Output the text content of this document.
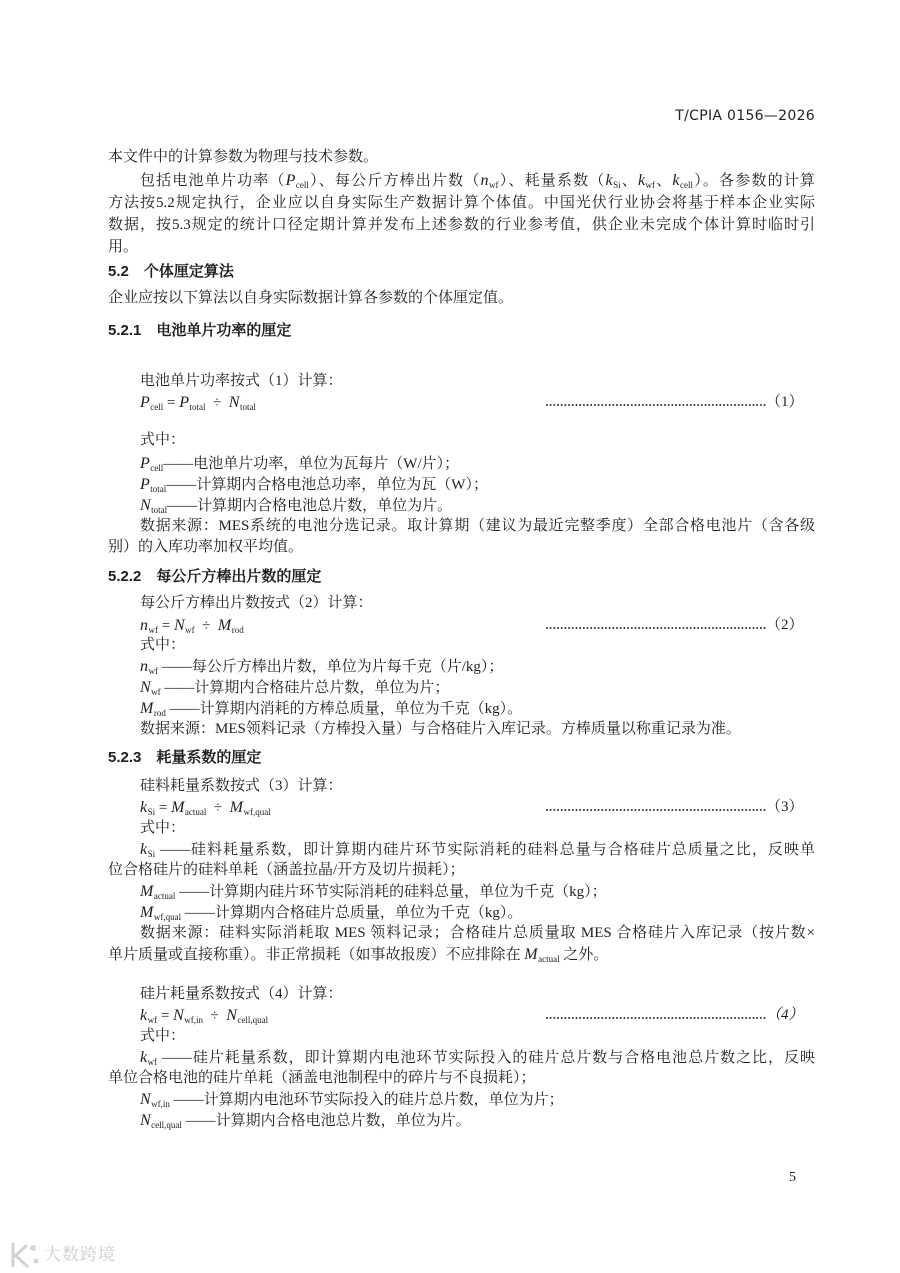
T/CPIA 0156—2026
本文件中的计算参数为物理与技术参数。
包括电池单片功率$(P_{cell})$、每公斤方棒出片数$(n_{wf})$、耗量系数（$k_{Si}$、$k_{wf}$、$k_{cell}$）。各参数的计算
方法按5.2规定执行，企业应以自身实际生产数据计算个体值。中国光伏行业协会将基于样本企业实际
数据，按5.3规定的统计口径定期计算并发布上述参数的行业参考值，供企业未完成个体计算时临时引
用。
5.2 个体厘定算法
企业应按以下算法以自身实际数据计算各参数的个体厘定值。
5.2.1 电池单片功率的厘定
电池单片功率按式（1）计算：
$P_{cell} = P_{total} \div N_{total}$	（1）
式中：
$P_{cell}——$电池单片功率，单位为瓦每片（W/片）；
$P_{total}——$计算期内合格电池总功率，单位为瓦（W）；
$N_{total}——$计算期内合格电池总片数，单位为片。
数据来源：MES系统的电池分选记录。取计算期（建议为最近完整季度）全部合格电池片（含各级
别）的入库功率加权平均值。
5.2.2 每公斤方棒出片数的厘定
每公斤方棒出片数按式（2）计算：
$n_{wf} = N_{wf} \div M_{rod}$	（2）
式中：
$n_{wf}$ ——每公斤方棒出片数，单位为片每千克（片/kg）；
$N_{wf}$ ——计算期内合格硅片总片数，单位为片；
$M_{rod}$ ——计算期内消耗的方棒总质量，单位为千克（kg）。
数据来源：MES领料记录（方棒投入量）与合格硅片入库记录。方棒质量以称重记录为准。
5.2.3 耗量系数的厘定
硅料耗量系数按式（3）计算：
$k_{Si} = M_{actual} \div M_{wf,qual}$	（3）
式中：
$k_{Si}$ ——硅料耗量系数，即计算期内硅片环节实际消耗的硅料总量与合格硅片总质量之比，反映单
位合格硅片的硅料单耗（涵盖拉晶/开方及切片损耗）；
$M_{actual}$ ——计算期内硅片环节实际消耗的硅料总量，单位为千克（kg）；
$M_{wf,qual}$ ——计算期内合格硅片总质量，单位为千克（kg）。
数据来源：硅料实际消耗取 MES 领料记录；合格硅片总质量取 MES 合格硅片入库记录（按片数×
单片质量或直接称重）。非正常损耗（如事故报废）不应排除在 $M_{actual}$ 之外。
硅片耗量系数按式（4）计算：
$k_{wf} = N_{wf,in} \div N_{cell,qual}$	（4）
式中：
$k_{wf}$ ——硅片耗量系数，即计算期内电池环节实际投入的硅片总片数与合格电池总片数之比，反映
单位合格电池的硅片单耗（涵盖电池制程中的碎片与不良损耗）；
$N_{wf,in}$ ——计算期内电池环节实际投入的硅片总片数，单位为片；
$N_{cell,qual}$ ——计算期内合格电池总片数，单位为片。
5
大数跨境
